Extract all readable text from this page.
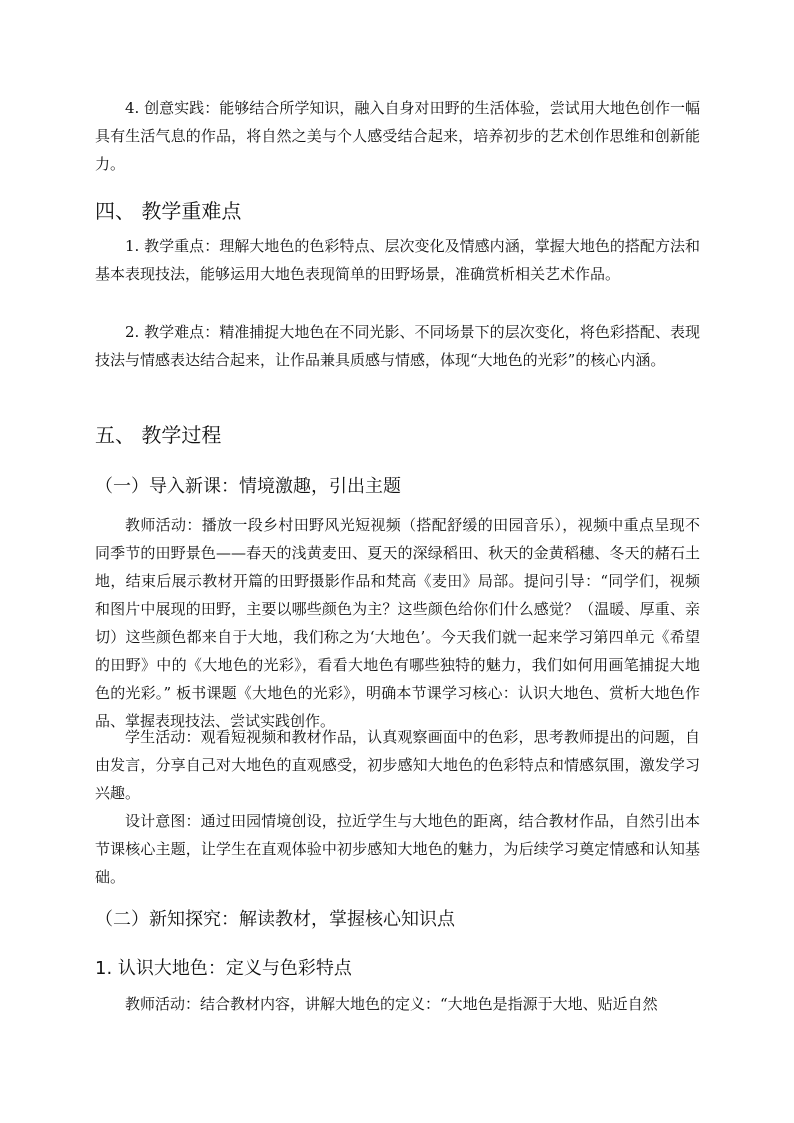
4. 创意实践：能够结合所学知识，融入自身对田野的生活体验，尝试用大地色创作一幅具有生活气息的作品，将自然之美与个人感受结合起来，培养初步的艺术创作思维和创新能力。

四、 教学重难点

1. 教学重点：理解大地色的色彩特点、层次变化及情感内涵，掌握大地色的搭配方法和基本表现技法，能够运用大地色表现简单的田野场景，准确赏析相关艺术作品。

2. 教学难点：精准捕捉大地色在不同光影、不同场景下的层次变化，将色彩搭配、表现技法与情感表达结合起来，让作品兼具质感与情感，体现“大地色的光彩”的核心内涵。

五、 教学过程
（一）导入新课：情境激趣，引出主题

教师活动：播放一段乡村田野风光短视频（搭配舒缓的田园音乐），视频中重点呈现不同季节的田野景色——春天的浅黄麦田、夏天的深绿稻田、秋天的金黄稻穗、冬天的赭石土地，结束后展示教材开篇的田野摄影作品和梵高《麦田》局部。提问引导：“同学们，视频和图片中展现的田野，主要以哪些颜色为主？这些颜色给你们什么感觉？（温暖、厚重、亲切）这些颜色都来自于大地，我们称之为‘大地色’。今天我们就一起来学习第四单元《希望的田野》中的《大地色的光彩》，看看大地色有哪些独特的魅力，我们如何用画笔捕捉大地色的光彩。” 板书课题《大地色的光彩》，明确本节课学习核心：认识大地色、赏析大地色作品、掌握表现技法、尝试实践创作。

学生活动：观看短视频和教材作品，认真观察画面中的色彩，思考教师提出的问题，自由发言，分享自己对大地色的直观感受，初步感知大地色的色彩特点和情感氛围，激发学习兴趣。

设计意图：通过田园情境创设，拉近学生与大地色的距离，结合教材作品，自然引出本节课核心主题，让学生在直观体验中初步感知大地色的魅力，为后续学习奠定情感和认知基础。

（二）新知探究：解读教材，掌握核心知识点
1. 认识大地色：定义与色彩特点

教师活动：结合教材内容，讲解大地色的定义：“大地色是指源于大地、贴近自然
